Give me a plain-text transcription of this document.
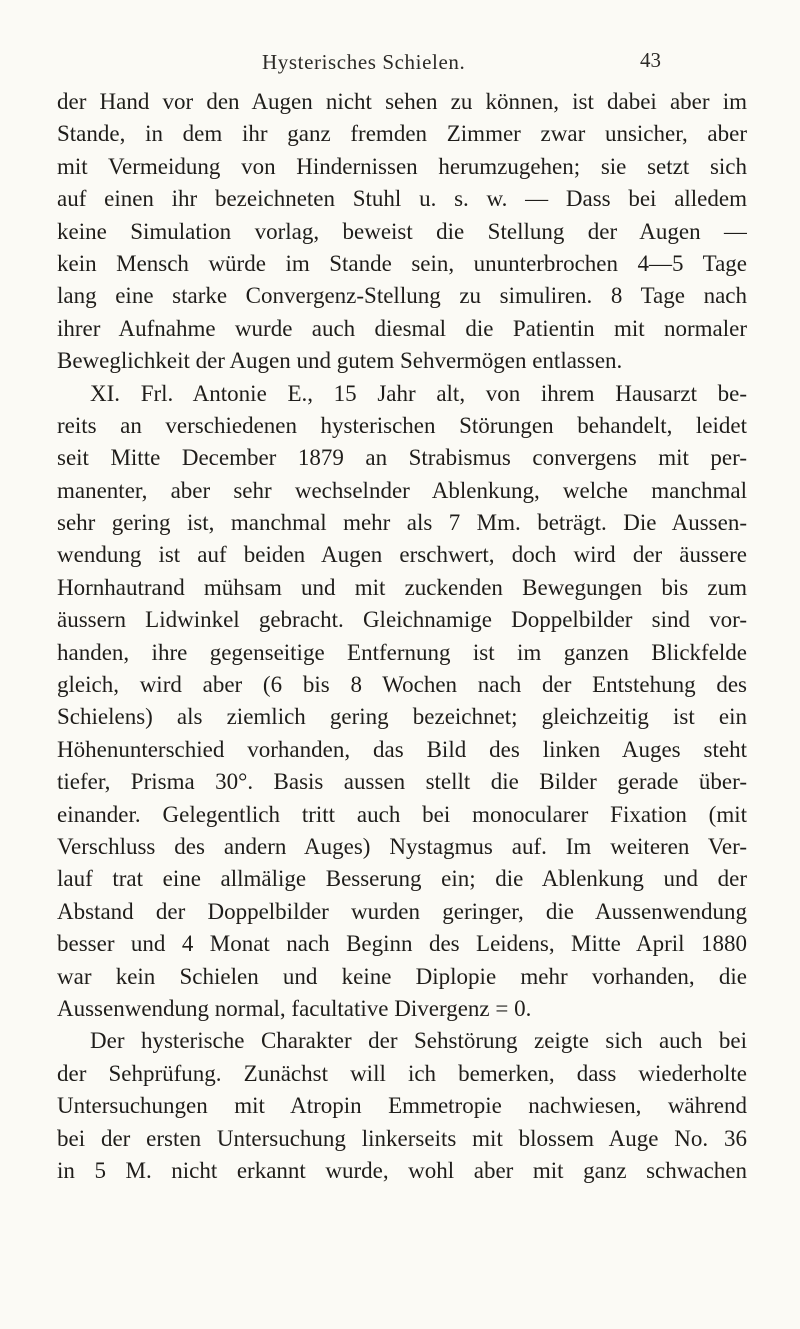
Hysterisches Schielen.	43
der Hand vor den Augen nicht sehen zu können, ist dabei aber im
Stande, in dem ihr ganz fremden Zimmer zwar unsicher, aber
mit Vermeidung von Hindernissen herumzugehen; sie setzt sich
auf einen ihr bezeichneten Stuhl u. s. w. — Dass bei alledem
keine Simulation vorlag, beweist die Stellung der Augen —
kein Mensch würde im Stande sein, ununterbrochen 4—5 Tage
lang eine starke Convergenz-Stellung zu simuliren. 8 Tage nach
ihrer Aufnahme wurde auch diesmal die Patientin mit normaler
Beweglichkeit der Augen und gutem Sehvermögen entlassen.
XI. Frl. Antonie E., 15 Jahr alt, von ihrem Hausarzt be-
reits an verschiedenen hysterischen Störungen behandelt, leidet
seit Mitte December 1879 an Strabismus convergens mit per-
manenter, aber sehr wechselnder Ablenkung, welche manchmal
sehr gering ist, manchmal mehr als 7 Mm. beträgt. Die Aussen-
wendung ist auf beiden Augen erschwert, doch wird der äussere
Hornhautrand mühsam und mit zuckenden Bewegungen bis zum
äussern Lidwinkel gebracht. Gleichnamige Doppelbilder sind vor-
handen, ihre gegenseitige Entfernung ist im ganzen Blickfelde
gleich, wird aber (6 bis 8 Wochen nach der Entstehung des
Schielens) als ziemlich gering bezeichnet; gleichzeitig ist ein
Höhenunterschied vorhanden, das Bild des linken Auges steht
tiefer, Prisma 30°. Basis aussen stellt die Bilder gerade über-
einander. Gelegentlich tritt auch bei monocularer Fixation (mit
Verschluss des andern Auges) Nystagmus auf. Im weiteren Ver-
lauf trat eine allmälige Besserung ein; die Ablenkung und der
Abstand der Doppelbilder wurden geringer, die Aussenwendung
besser und 4 Monat nach Beginn des Leidens, Mitte April 1880
war kein Schielen und keine Diplopie mehr vorhanden, die
Aussenwendung normal, facultative Divergenz = 0.
Der hysterische Charakter der Sehstörung zeigte sich auch bei
der Sehprüfung. Zunächst will ich bemerken, dass wiederholte
Untersuchungen mit Atropin Emmetropie nachwiesen, während
bei der ersten Untersuchung linkerseits mit blossem Auge No. 36
in 5 M. nicht erkannt wurde, wohl aber mit ganz schwachen
